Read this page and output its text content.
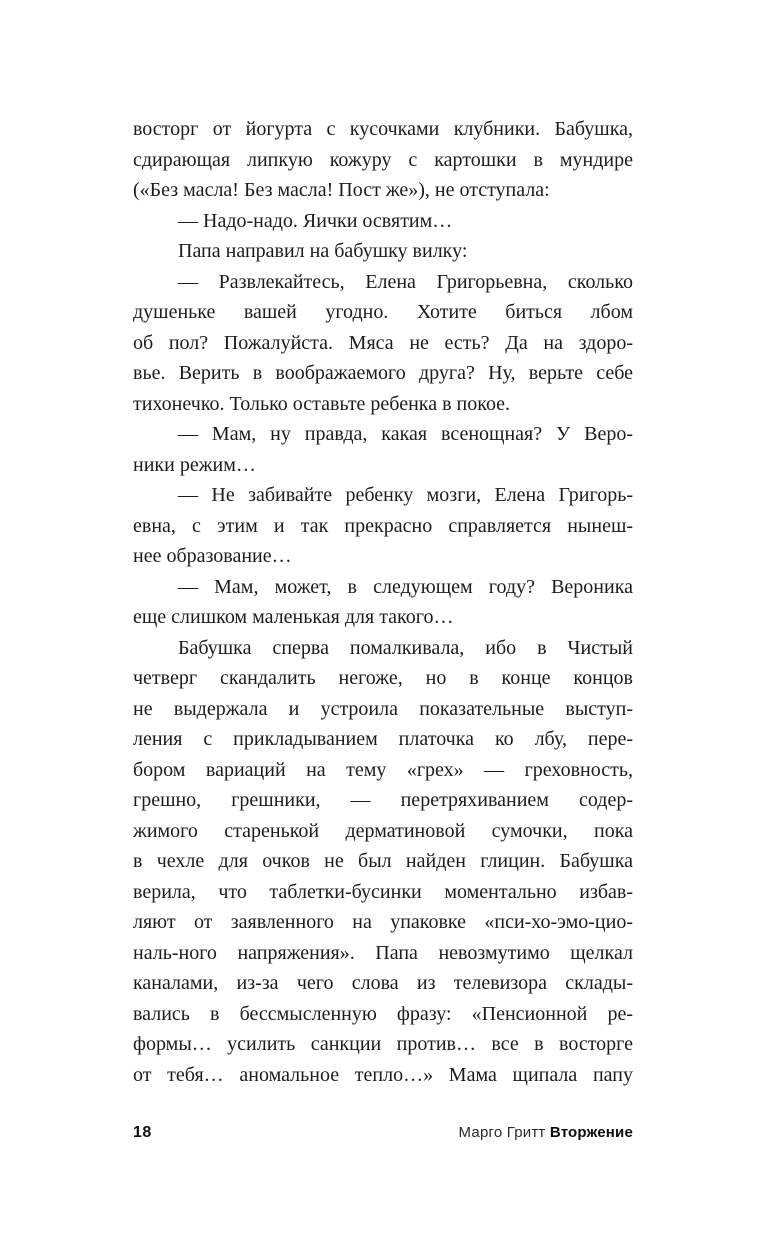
восторг от йогурта с кусочками клубники. Бабушка,
сдирающая липкую кожуру с картошки в мундире
(«Без масла! Без масла! Пост же»), не отступала:
— Надо-надо. Яички освятим…
Папа направил на бабушку вилку:
— Развлекайтесь, Елена Григорьевна, сколько
душеньке вашей угодно. Хотите биться лбом
об пол? Пожалуйста. Мяса не есть? Да на здоро-
вье. Верить в воображаемого друга? Ну, верьте себе
тихонечко. Только оставьте ребенка в покое.
— Мам, ну правда, какая всенощная? У Веро-
ники режим…
— Не забивайте ребенку мозги, Елена Григорь-
евна, с этим и так прекрасно справляется нынеш-
нее образование…
— Мам, может, в следующем году? Вероника
еще слишком маленькая для такого…
Бабушка сперва помалкивала, ибо в Чистый
четверг скандалить негоже, но в конце концов
не выдержала и устроила показательные выступ-
ления с прикладыванием платочка ко лбу, пере-
бором вариаций на тему «грех» — греховность,
грешно, грешники, — перетряхиванием содер-
жимого старенькой дерматиновой сумочки, пока
в чехле для очков не был найден глицин. Бабушка
верила, что таблетки-бусинки моментально избав-
ляют от заявленного на упаковке «пси-хо-эмо-цио-
наль-ного напряжения». Папа невозмутимо щелкал
каналами, из-за чего слова из телевизора склады-
вались в бессмысленную фразу: «Пенсионной ре-
формы… усилить санкции против… все в восторге
от тебя… аномальное тепло…» Мама щипала папу
18	Марго Гритт Вторжение
